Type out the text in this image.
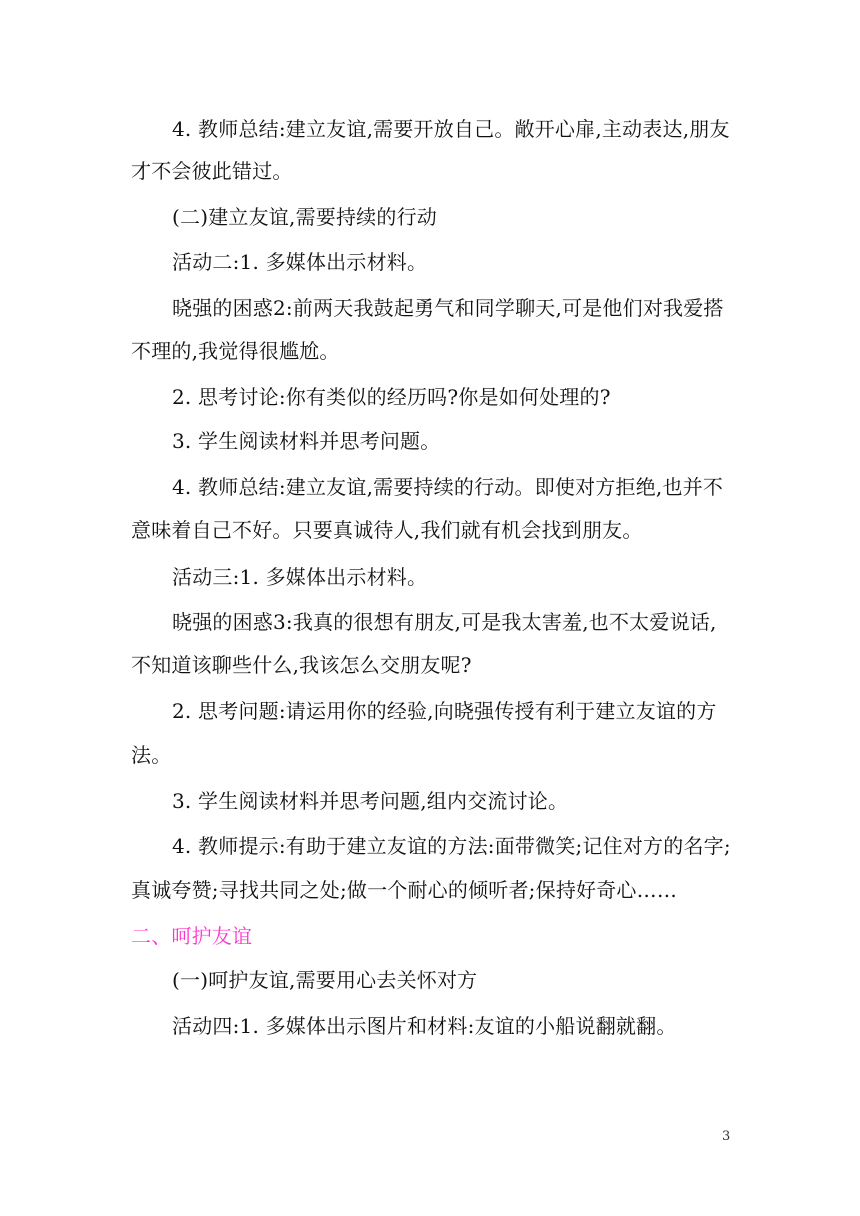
4. 教师总结:建立友谊,需要开放自己。敞开心扉,主动表达,朋友
才不会彼此错过。
(二)建立友谊,需要持续的行动
活动二:1. 多媒体出示材料。
晓强的困惑2:前两天我鼓起勇气和同学聊天,可是他们对我爱搭
不理的,我觉得很尴尬。
2. 思考讨论:你有类似的经历吗?你是如何处理的?
3. 学生阅读材料并思考问题。
4. 教师总结:建立友谊,需要持续的行动。即使对方拒绝,也并不
意味着自己不好。只要真诚待人,我们就有机会找到朋友。
活动三:1. 多媒体出示材料。
晓强的困惑3:我真的很想有朋友,可是我太害羞,也不太爱说话,
不知道该聊些什么,我该怎么交朋友呢?
2. 思考问题:请运用你的经验,向晓强传授有利于建立友谊的方
法。
3. 学生阅读材料并思考问题,组内交流讨论。
4. 教师提示:有助于建立友谊的方法:面带微笑;记住对方的名字;
真诚夸赞;寻找共同之处;做一个耐心的倾听者;保持好奇心……
二、呵护友谊
(一)呵护友谊,需要用心去关怀对方
活动四:1. 多媒体出示图片和材料:友谊的小船说翻就翻。
3
